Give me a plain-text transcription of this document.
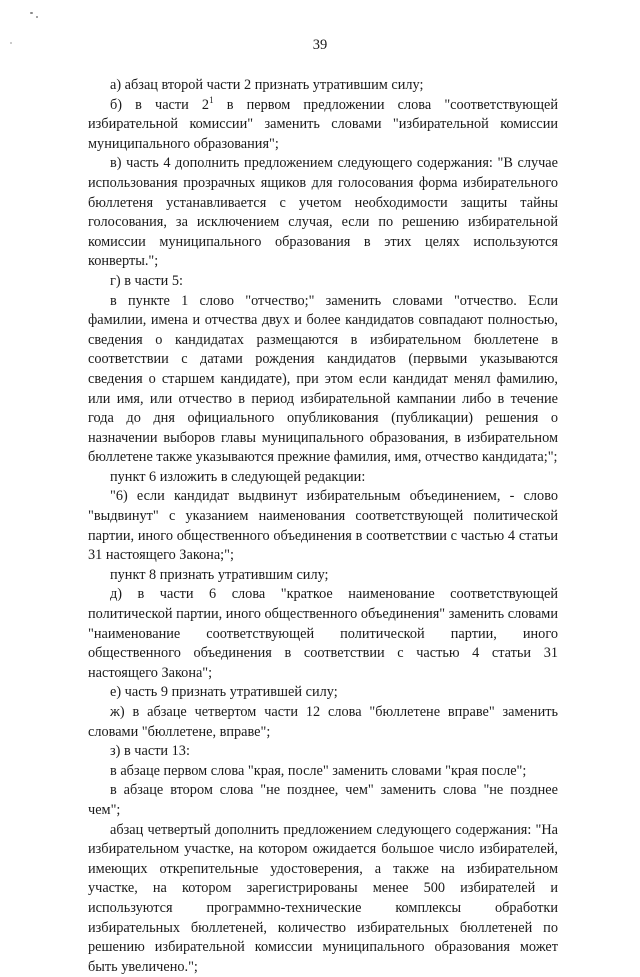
39

а) абзац второй части 2 признать утратившим силу;

б) в части $2^1$ в первом предложении слова "соответствующей избирательной комиссии" заменить словами "избирательной комиссии муниципального образования";

в) часть 4 дополнить предложением следующего содержания: "В случае использования прозрачных ящиков для голосования форма избирательного бюллетеня устанавливается с учетом необходимости защиты тайны голосования, за исключением случая, если по решению избирательной комиссии муниципального образования в этих целях используются конверты.";

г) в части 5:

в пункте 1 слово "отчество;" заменить словами "отчество. Если фамилии, имена и отчества двух и более кандидатов совпадают полностью, сведения о кандидатах размещаются в избирательном бюллетене в соответствии с датами рождения кандидатов (первыми указываются сведения о старшем кандидате), при этом если кандидат менял фамилию, или имя, или отчество в период избирательной кампании либо в течение года до дня официального опубликования (публикации) решения о назначении выборов главы муниципального образования, в избирательном бюллетене также указываются прежние фамилия, имя, отчество кандидата;";

пункт 6 изложить в следующей редакции:

"6) если кандидат выдвинут избирательным объединением, - слово "выдвинут" с указанием наименования соответствующей политической партии, иного общественного объединения в соответствии с частью 4 статьи 31 настоящего Закона;";

пункт 8 признать утратившим силу;

д) в части 6 слова "краткое наименование соответствующей политической партии, иного общественного объединения" заменить словами "наименование соответствующей политической партии, иного общественного объединения в соответствии с частью 4 статьи 31 настоящего Закона";

е) часть 9 признать утратившей силу;

ж) в абзаце четвертом части 12 слова "бюллетене вправе" заменить словами "бюллетене, вправе";

з) в части 13:

в абзаце первом слова "края, после" заменить словами "края после";

в абзаце втором слова "не позднее, чем" заменить слова "не позднее чем";

абзац четвертый дополнить предложением следующего содержания: "На избирательном участке, на котором ожидается большое число избирателей, имеющих открепительные удостоверения, а также на избирательном участке, на котором зарегистрированы менее 500 избирателей и используются программно-технические комплексы обработки избирательных бюллетеней, количество избирательных бюллетеней по решению избирательной комиссии муниципального образования может быть увеличено.";
